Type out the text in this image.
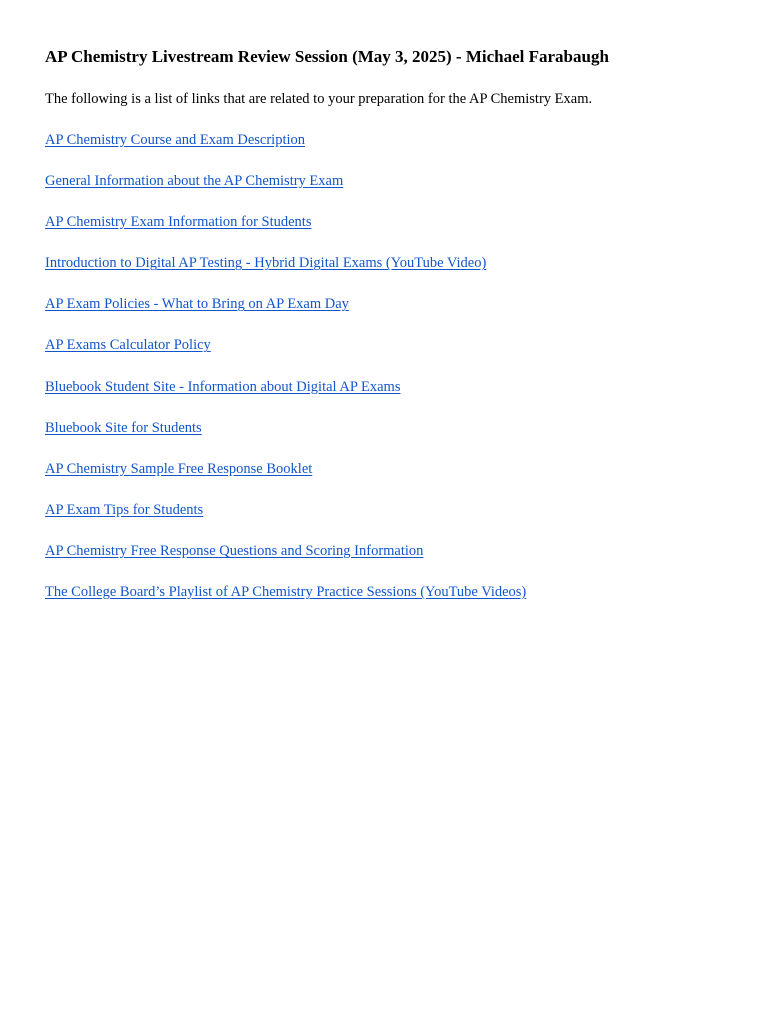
AP Chemistry Livestream Review Session (May 3, 2025) - Michael Farabaugh

The following is a list of links that are related to your preparation for the AP Chemistry Exam.

AP Chemistry Course and Exam Description
General Information about the AP Chemistry Exam
AP Chemistry Exam Information for Students
Introduction to Digital AP Testing - Hybrid Digital Exams (YouTube Video)
AP Exam Policies - What to Bring on AP Exam Day
AP Exams Calculator Policy
Bluebook Student Site - Information about Digital AP Exams
Bluebook Site for Students
AP Chemistry Sample Free Response Booklet
AP Exam Tips for Students
AP Chemistry Free Response Questions and Scoring Information
The College Board’s Playlist of AP Chemistry Practice Sessions (YouTube Videos)
